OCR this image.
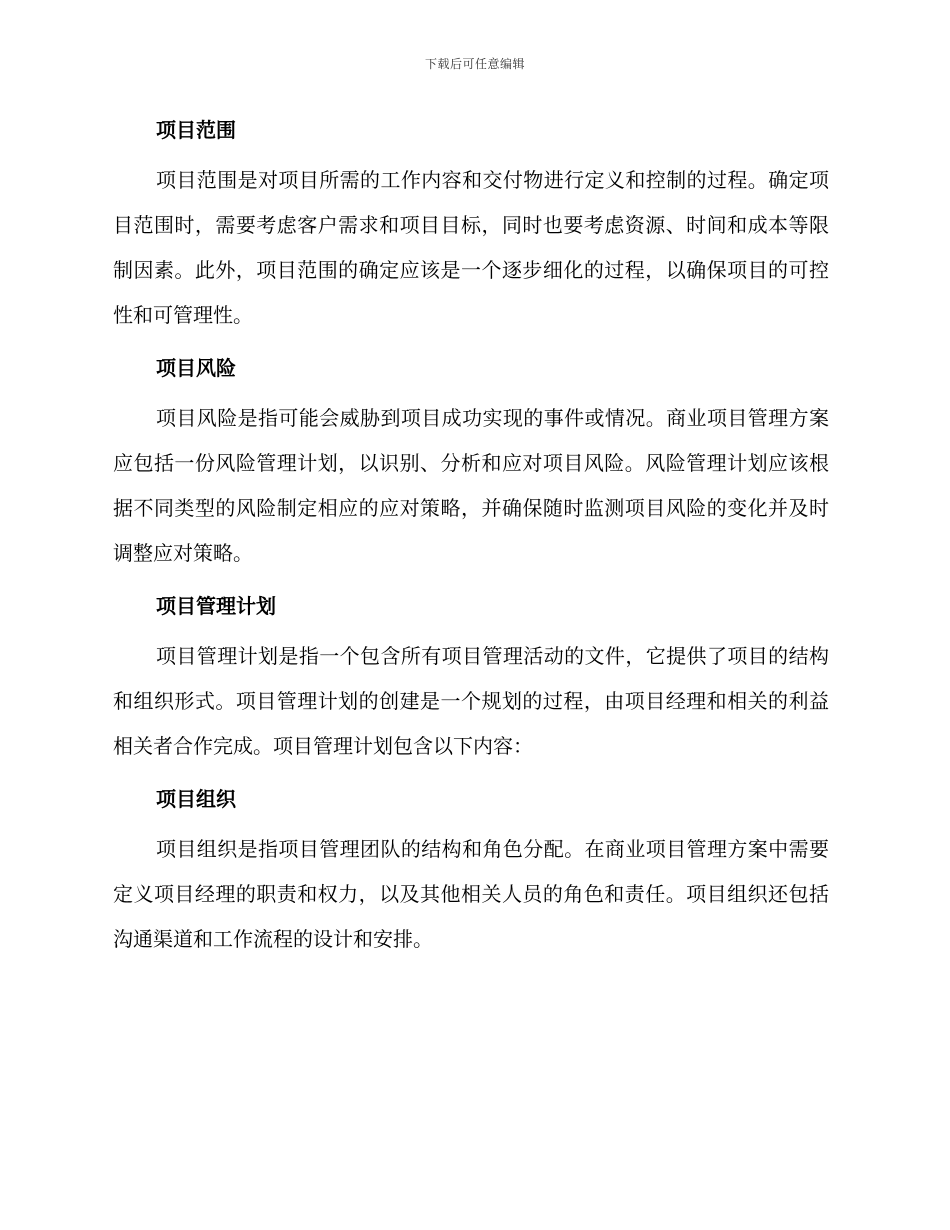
下载后可任意编辑
项目范围
项目范围是对项目所需的工作内容和交付物进行定义和控制的过程。确定项目范围时，需要考虑客户需求和项目目标，同时也要考虑资源、时间和成本等限制因素。此外，项目范围的确定应该是一个逐步细化的过程，以确保项目的可控性和可管理性。
项目风险
项目风险是指可能会威胁到项目成功实现的事件或情况。商业项目管理方案应包括一份风险管理计划，以识别、分析和应对项目风险。风险管理计划应该根据不同类型的风险制定相应的应对策略，并确保随时监测项目风险的变化并及时调整应对策略。
项目管理计划
项目管理计划是指一个包含所有项目管理活动的文件，它提供了项目的结构和组织形式。项目管理计划的创建是一个规划的过程，由项目经理和相关的利益相关者合作完成。项目管理计划包含以下内容：
项目组织
项目组织是指项目管理团队的结构和角色分配。在商业项目管理方案中需要定义项目经理的职责和权力，以及其他相关人员的角色和责任。项目组织还包括沟通渠道和工作流程的设计和安排。
